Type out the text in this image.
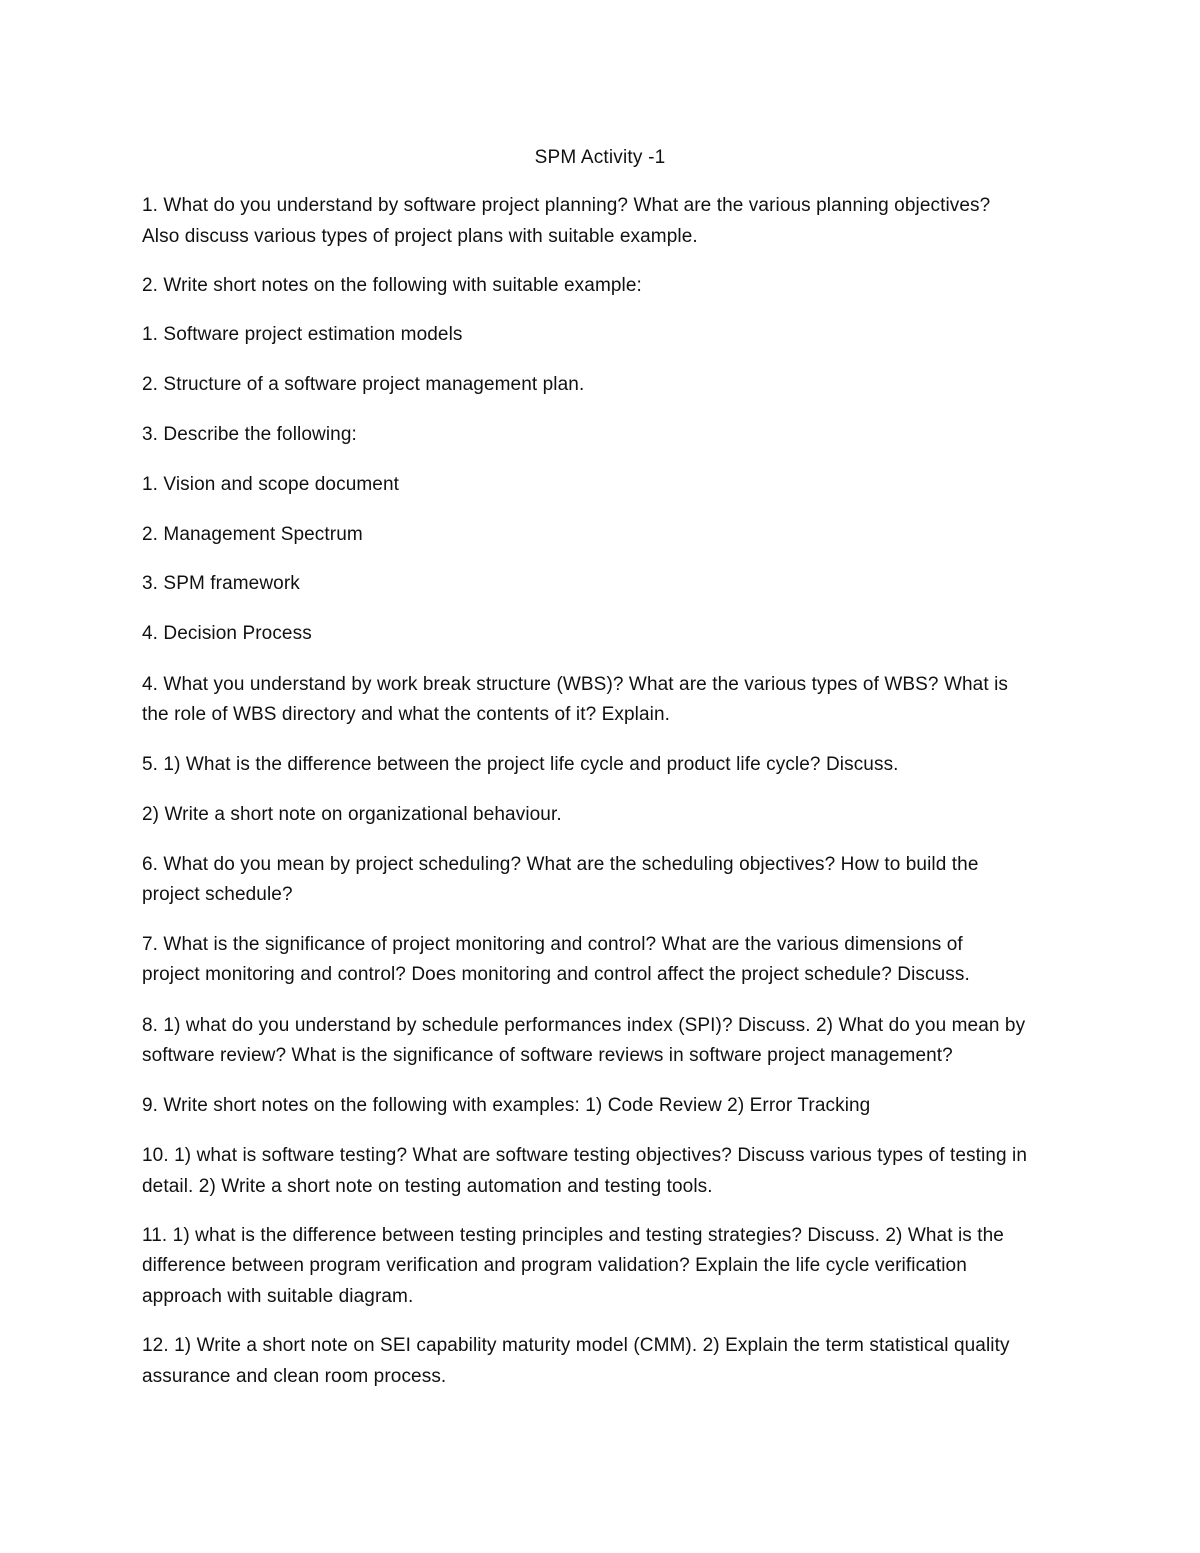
SPM Activity -1
1. What do you understand by software project planning? What are the various planning objectives?
Also discuss various types of project plans with suitable example.
2. Write short notes on the following with suitable example:
1. Software project estimation models
2. Structure of a software project management plan.
3. Describe the following:
1. Vision and scope document
2. Management Spectrum
3. SPM framework
4. Decision Process
4. What you understand by work break structure (WBS)? What are the various types of WBS? What is
the role of WBS directory and what the contents of it? Explain.
5. 1) What is the difference between the project life cycle and product life cycle? Discuss.
2) Write a short note on organizational behaviour.
6. What do you mean by project scheduling? What are the scheduling objectives? How to build the
project schedule?
7. What is the significance of project monitoring and control? What are the various dimensions of
project monitoring and control? Does monitoring and control affect the project schedule? Discuss.
8. 1) what do you understand by schedule performances index (SPI)? Discuss. 2) What do you mean by
software review? What is the significance of software reviews in software project management?
9. Write short notes on the following with examples: 1) Code Review 2) Error Tracking
10. 1) what is software testing? What are software testing objectives? Discuss various types of testing in
detail. 2) Write a short note on testing automation and testing tools.
11. 1) what is the difference between testing principles and testing strategies? Discuss. 2) What is the
difference between program verification and program validation? Explain the life cycle verification
approach with suitable diagram.
12. 1) Write a short note on SEI capability maturity model (CMM). 2) Explain the term statistical quality
assurance and clean room process.
